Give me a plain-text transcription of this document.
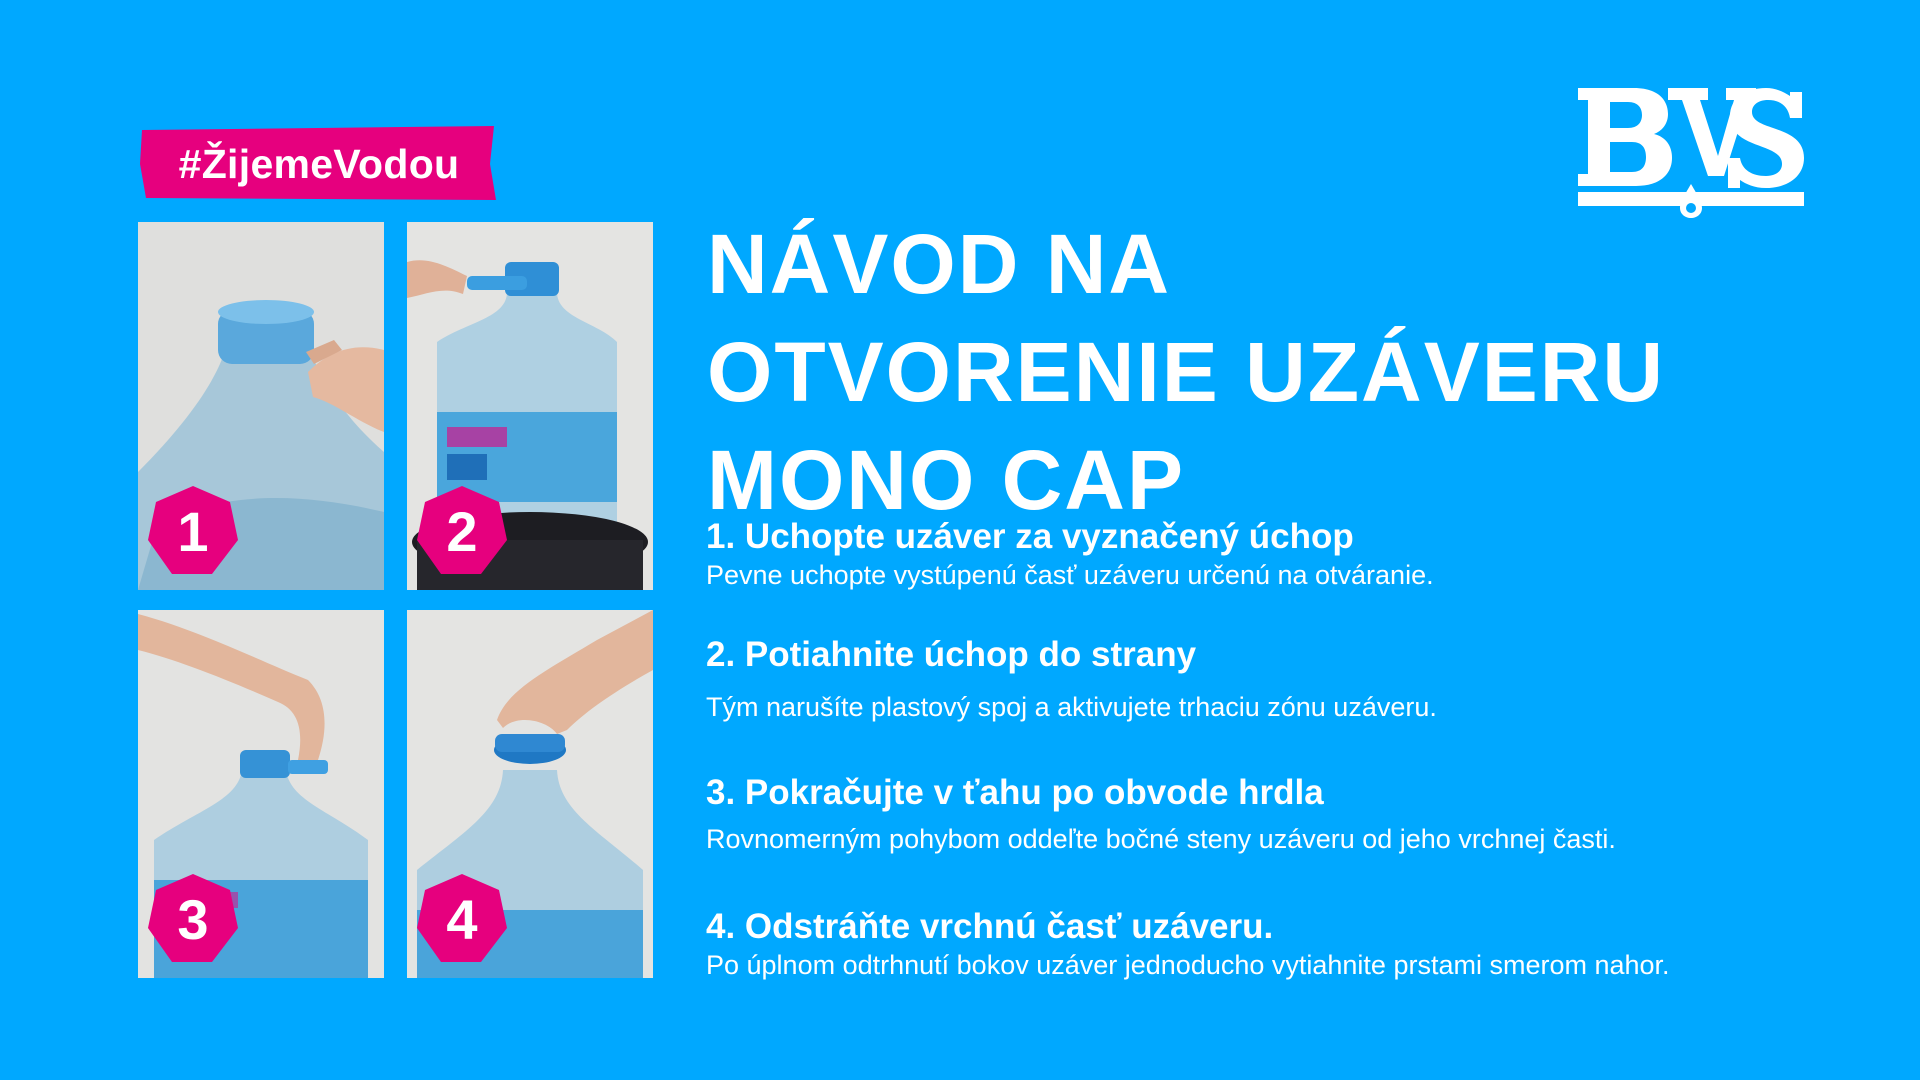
#ŽijemeVodou
1	2
3	4
NÁVOD NA
OTVORENIE UZÁVERU
MONO CAP
1. Uchopte uzáver za vyznačený úchop
Pevne uchopte vystúpenú časť uzáveru určenú na otváranie.
2. Potiahnite úchop do strany
Tým narušíte plastový spoj a aktivujete trhaciu zónu uzáveru.
3. Pokračujte v ťahu po obvode hrdla
Rovnomerným pohybom oddeľte bočné steny uzáveru od jeho vrchnej časti.
4. Odstráňte vrchnú časť uzáveru.
Po úplnom odtrhnutí bokov uzáver jednoducho vytiahnite prstami smerom nahor.
